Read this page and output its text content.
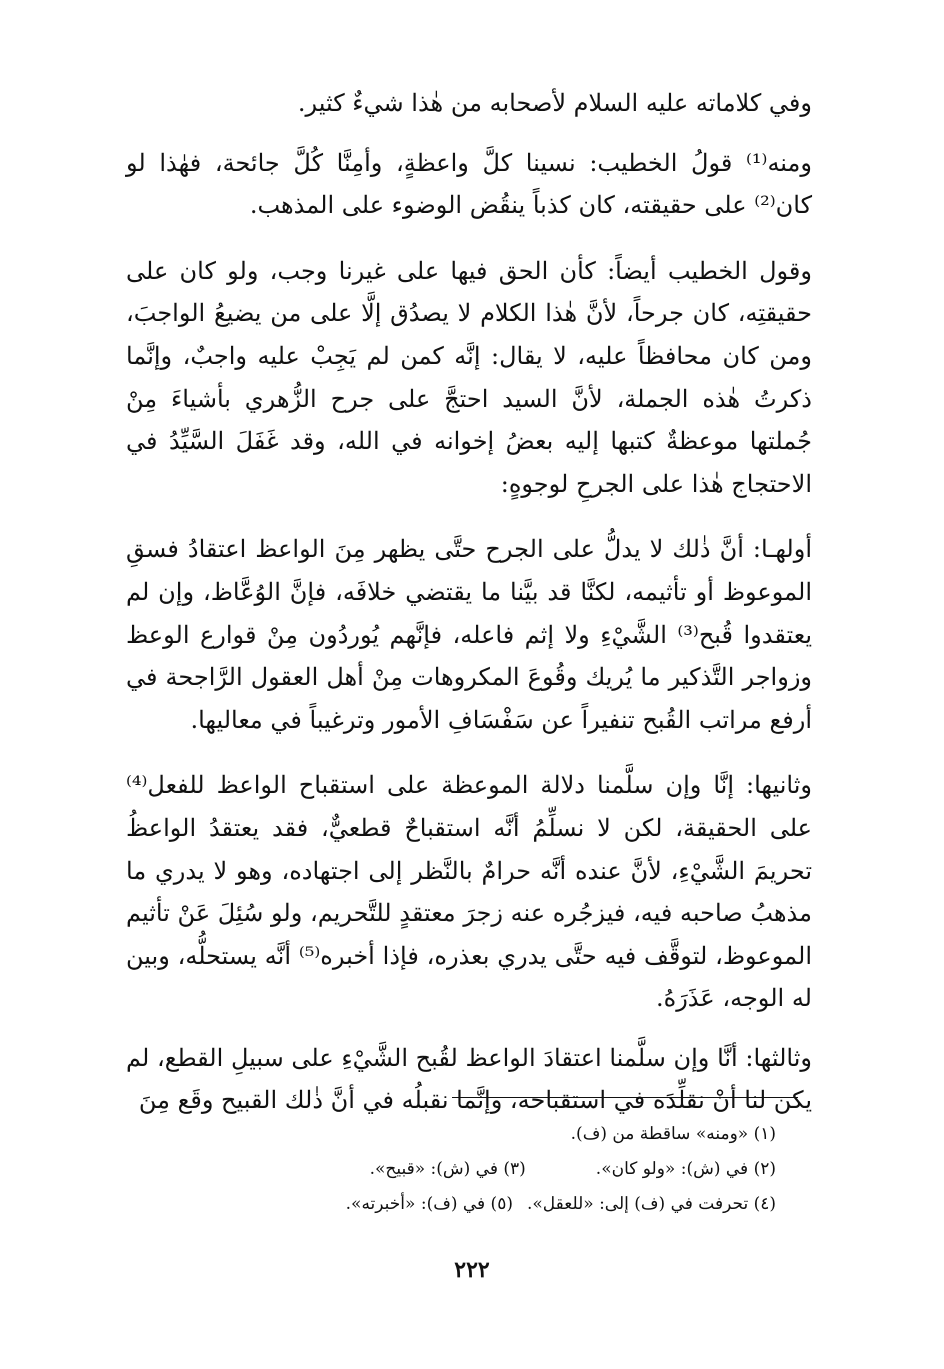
وفي كلاماته عليه السلام لأصحابه من هٰذا شيءٌ كثير.

ومنه⁽¹⁾ قولُ الخطيب: نسينا كلَّ واعظةٍ، وأمِنَّا كُلَّ جائحة، فهٰذا لو كان⁽²⁾ على حقيقته، كان كذباً ينقُض الوضوء على المذهب.

وقول الخطيب أيضاً: كأن الحق فيها على غيرنا وجب، ولو كان على حقيقتِه، كان جرحاً، لأنَّ هٰذا الكلام لا يصدُق إلَّا على من يضيعُ الواجبَ، ومن كان محافظاً عليه، لا يقال: إنَّه كمن لم يَجِبْ عليه واجبٌ، وإنَّما ذكرتُ هٰذه الجملة، لأنَّ السيد احتجَّ على جرح الزُّهري بأشياءَ مِنْ جُملتها موعظةٌ كتبها إليه بعضُ إخوانه في الله، وقد غَفَلَ السَّيِّدُ في الاحتجاج هٰذا على الجرحِ لوجوهٍ:

أولهـا: أنَّ ذٰلك لا يدلُّ على الجرح حتَّى يظهر مِنَ الواعظ اعتقادُ فسقِ الموعوظ أو تأثيمه، لكنَّا قد بيَّنا ما يقتضي خلافَه، فإنَّ الوُعَّاظ، وإن لم يعتقدوا قُبح⁽³⁾ الشَّيْءِ ولا إثم فاعله، فإنَّهم يُوردُون مِنْ قوارع الوعظ وزواجر التَّذكير ما يُريك وقُوعَ المكروهات مِنْ أهل العقول الرَّاجحة في أرفع مراتب القُبح تنفيراً عن سَفْسَافِ الأمور وترغيباً في معاليها.

وثانيها: إنَّا وإن سلَّمنا دلالة الموعظة على استقباح الواعظ للفعل⁽⁴⁾ على الحقيقة، لكن لا نسلِّمُ أنَّه استقباحٌ قطعيٌّ، فقد يعتقدُ الواعظُ تحريمَ الشَّيْءِ، لأنَّ عنده أنَّه حرامٌ بالنَّظر إلى اجتهاده، وهو لا يدري ما مذهبُ صاحبه فيه، فيزجُره عنه زجرَ معتقدٍ للتَّحريم، ولو سُئِلَ عَنْ تأثيم الموعوظ، لتوقَّف فيه حتَّى يدري بعذره، فإذا أخبره⁽⁵⁾ أنَّه يستحلُّه، وبين له الوجه، عَذَرَهُ.

وثالثها: أنَّا وإن سلَّمنا اعتقادَ الواعظ لقُبح الشَّيْءِ على سبيلِ القطع، لم يكن لنا أنْ نقلِّدَه في استقباحه، وإنَّما نقبلُه في أنَّ ذٰلك القبيح وقَع مِنَ

(١) «ومنه» ساقطة من (ف).
(٢) في (ش): «ولو كان».
(٣) في (ش): «قبيح».
(٤) تحرفت في (ف) إلى: «للعقل».
(٥) في (ف): «أخبرته».
٢٢٢
